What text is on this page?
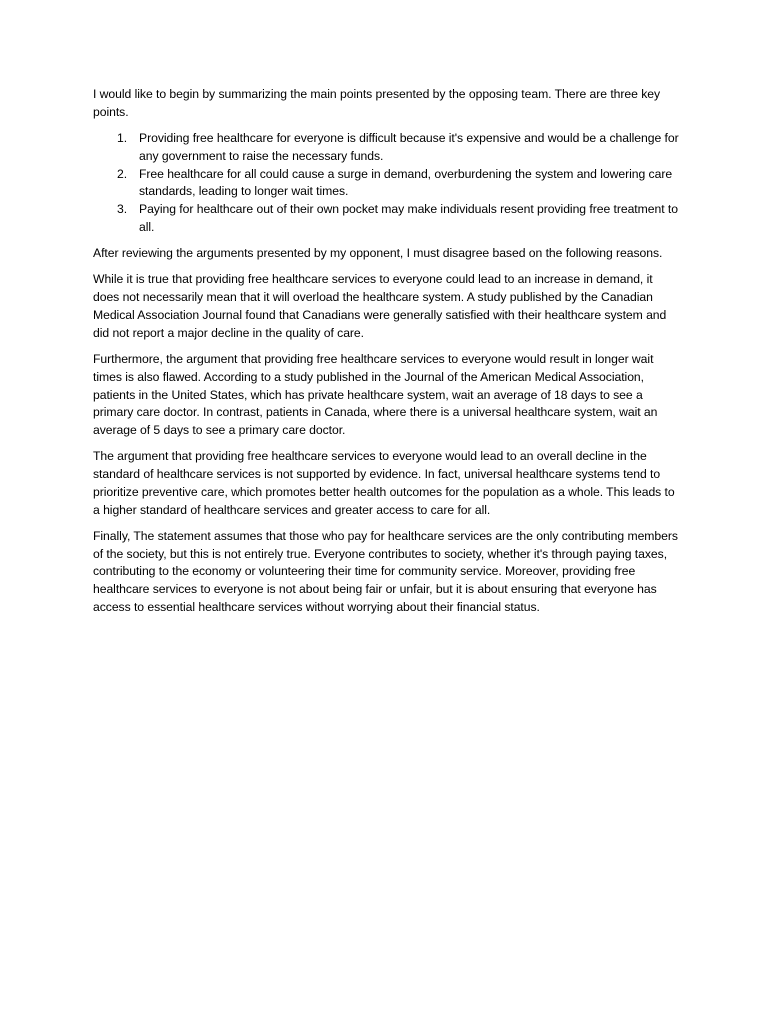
I would like to begin by summarizing the main points presented by the opposing team. There are three key points.

1. Providing free healthcare for everyone is difficult because it's expensive and would be a challenge for any government to raise the necessary funds.
2. Free healthcare for all could cause a surge in demand, overburdening the system and lowering care standards, leading to longer wait times.
3. Paying for healthcare out of their own pocket may make individuals resent providing free treatment to all.

After reviewing the arguments presented by my opponent, I must disagree based on the following reasons.

While it is true that providing free healthcare services to everyone could lead to an increase in demand, it does not necessarily mean that it will overload the healthcare system. A study published by the Canadian Medical Association Journal found that Canadians were generally satisfied with their healthcare system and did not report a major decline in the quality of care.

Furthermore, the argument that providing free healthcare services to everyone would result in longer wait times is also flawed. According to a study published in the Journal of the American Medical Association, patients in the United States, which has private healthcare system, wait an average of 18 days to see a primary care doctor. In contrast, patients in Canada, where there is a universal healthcare system, wait an average of 5 days to see a primary care doctor.

The argument that providing free healthcare services to everyone would lead to an overall decline in the standard of healthcare services is not supported by evidence. In fact, universal healthcare systems tend to prioritize preventive care, which promotes better health outcomes for the population as a whole. This leads to a higher standard of healthcare services and greater access to care for all.

Finally, The statement assumes that those who pay for healthcare services are the only contributing members of the society, but this is not entirely true. Everyone contributes to society, whether it's through paying taxes, contributing to the economy or volunteering their time for community service. Moreover, providing free healthcare services to everyone is not about being fair or unfair, but it is about ensuring that everyone has access to essential healthcare services without worrying about their financial status.
